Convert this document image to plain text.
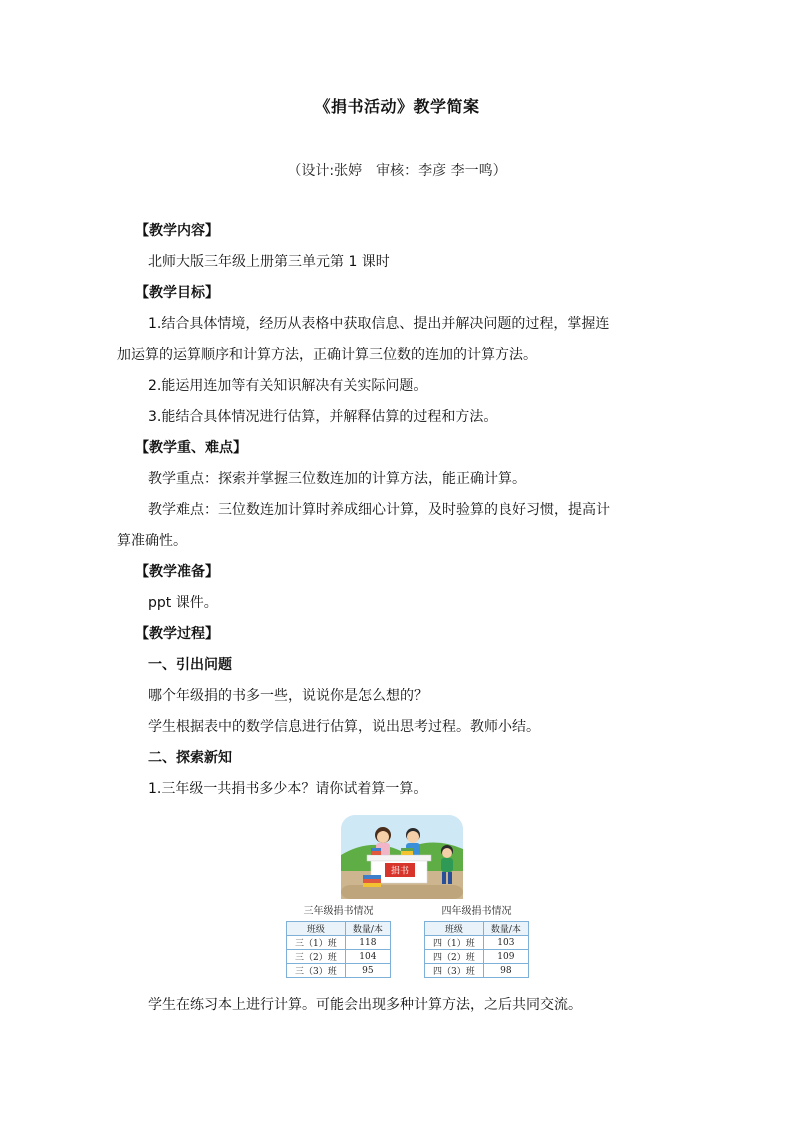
《捐书活动》教学简案
（设计:张婷　审核：李彦 李一鸣）
【教学内容】
北师大版三年级上册第三单元第 1 课时
【教学目标】
1.结合具体情境，经历从表格中获取信息、提出并解决问题的过程，掌握连
加运算的运算顺序和计算方法，正确计算三位数的连加的计算方法。
2.能运用连加等有关知识解决有关实际问题。
3.能结合具体情况进行估算，并解释估算的过程和方法。
【教学重、难点】
教学重点：探索并掌握三位数连加的计算方法，能正确计算。
教学难点：三位数连加计算时养成细心计算，及时验算的良好习惯，提高计
算准确性。
【教学准备】
ppt 课件。
【教学过程】
一、引出问题
哪个年级捐的书多一些，说说你是怎么想的？
学生根据表中的数学信息进行估算，说出思考过程。教师小结。
二、探索新知
1.三年级一共捐书多少本？请你试着算一算。
捐书
三年级捐书情况
班级	数量/本
三（1）班	118
三（2）班	104
三（3）班	95
四年级捐书情况
班级	数量/本
四（1）班	103
四（2）班	109
四（3）班	98
学生在练习本上进行计算。可能会出现多种计算方法，之后共同交流。
